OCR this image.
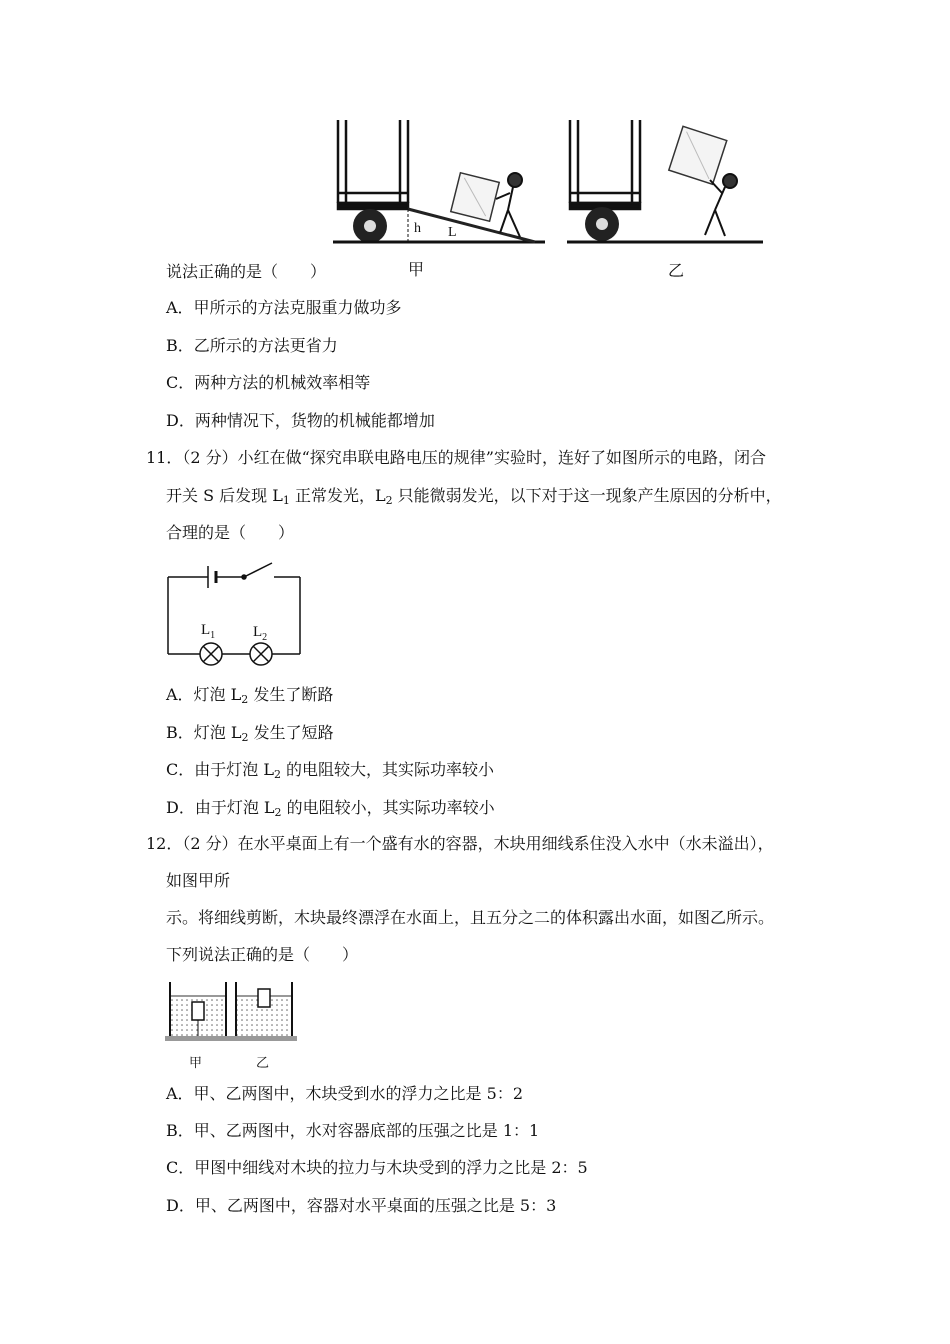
h L
甲	乙
说法正确的是（　　）
A．甲所示的方法克服重力做功多
B．乙所示的方法更省力
C．两种方法的机械效率相等
D．两种情况下，货物的机械能都增加
11．（2 分）小红在做“探究串联电路电压的规律”实验时，连好了如图所示的电路，闭合
开关 S 后发现 $L_1$ 正常发光，$L_2$ 只能微弱发光，以下对于这一现象产生原因的分析中，
合理的是（　　）
$L_1$	$L_2$
A．灯泡 $L_2$ 发生了断路
B．灯泡 $L_2$ 发生了短路
C．由于灯泡 $L_2$ 的电阻较大，其实际功率较小
D．由于灯泡 $L_2$ 的电阻较小，其实际功率较小
12．（2 分）在水平桌面上有一个盛有水的容器，木块用细线系住没入水中（水未溢出），
如图甲所
示。将细线剪断，木块最终漂浮在水面上，且五分之二的体积露出水面，如图乙所示。
下列说法正确的是（　　）
甲	乙
A．甲、乙两图中，木块受到水的浮力之比是 5：2
B．甲、乙两图中，水对容器底部的压强之比是 1：1
C．甲图中细线对木块的拉力与木块受到的浮力之比是 2：5
D．甲、乙两图中，容器对水平桌面的压强之比是 5：3
